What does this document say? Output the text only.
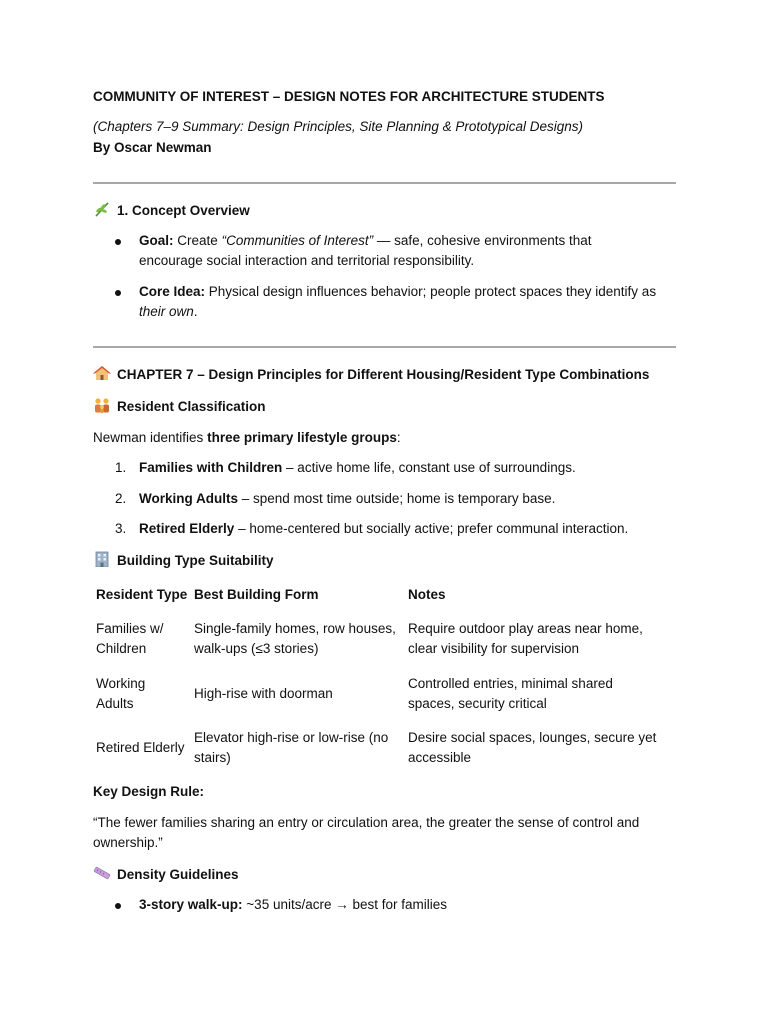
COMMUNITY OF INTEREST – DESIGN NOTES FOR ARCHITECTURE STUDENTS
(Chapters 7–9 Summary: Design Principles, Site Planning & Prototypical Designs)
By Oscar Newman
1. Concept Overview
Goal: Create “Communities of Interest” — safe, cohesive environments that
encourage social interaction and territorial responsibility.
Core Idea: Physical design influences behavior; people protect spaces they identify as
their own.
CHAPTER 7 – Design Principles for Different Housing/Resident Type Combinations
Resident Classification
Newman identifies three primary lifestyle groups:
1. Families with Children – active home life, constant use of surroundings.
2. Working Adults – spend most time outside; home is temporary base.
3. Retired Elderly – home-centered but socially active; prefer communal interaction.
Building Type Suitability
Resident Type Best Building Form	Notes
Families w/
Children
Single-family homes, row houses,
walk-ups (≤3 stories)
Require outdoor play areas near home,
clear visibility for supervision
Working
Adults
High-rise with doorman
Controlled entries, minimal shared
spaces, security critical
Retired Elderly
Elevator high-rise or low-rise (no
stairs)
Desire social spaces, lounges, secure yet
accessible
Key Design Rule:
“The fewer families sharing an entry or circulation area, the greater the sense of control and
ownership.”
Density Guidelines
3-story walk-up: ~35 units/acre → best for families
